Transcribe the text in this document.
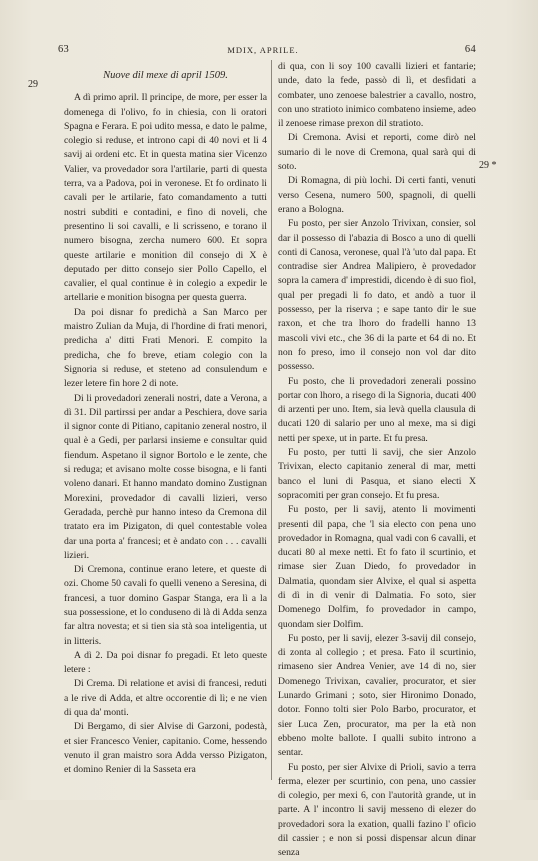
63	MDIX, APRILE.	64
29
29 *

Nuove dil mexe di april 1509.

A dì primo april. Il principe, de more, per esser la domenega di l'olivo, fo in chiesia, con li oratori Spagna e Ferara. E poi udito messa, e dato le palme, colegio si reduse, et introno capi di 40 novi et li 4 savij ai ordeni etc. Et in questa matina sier Vicenzo Valier, va provedador sora l'artilarie, parti di questa terra, va a Padova, poi in veronese. Et fo ordinato li cavali per le artilarie, fato comandamento a tutti nostri subditi e contadini, e fino di noveli, che presentino li soi cavalli, e li scrisseno, e torano il numero bisogna, zercha numero 600. Et sopra queste artilarie e monition dil consejo di X è deputado per ditto consejo sier Pollo Capello, el cavalier, el qual continue è in colegio a expedir le artellarie e monition bisogna per questa guerra.

Da poi disnar fo predichà a San Marco per maistro Zulian da Muja, di l'hordine di frati menori, predicha a' ditti Frati Menori. E compito la predicha, che fo breve, etiam colegio con la Signoria si reduse, et steteno ad consulendum e lezer letere fin hore 2 di note.

Di li provedadori zenerali nostri, date a Verona, a dì 31. Dil partirssi per andar a Peschiera, dove saria il signor conte di Pitiano, capitanio zeneral nostro, il qual è a Gedi, per parlarsi insieme e consultar quid fiendum. Aspetano il signor Bortolo e le zente, che si reduga; et avisano molte cosse bisogna, e li fanti voleno danari. Et hanno mandato domino Zustignan Morexini, provedador di cavalli lizieri, verso Geradada, perchè pur hanno inteso da Cremona dil tratato era im Pizigaton, di quel contestable volea dar una porta a' francesi; et è andato con . . . cavalli lizieri.

Di Cremona, continue erano letere, et queste di ozi. Chome 50 cavali fo quelli veneno a Seresina, di francesi, a tuor domino Gaspar Stanga, era lì a la sua possessione, et lo conduseno di là di Adda senza far altra novesta; et si tien sia stà soa inteligentia, ut in litteris.

A dì 2. Da poi disnar fo pregadi. Et leto queste letere :

Di Crema. Di relatione et avisi di francesi, reduti a le rive di Adda, et altre occorentie di lì; e ne vien di qua da' monti.

Di Bergamo, di sier Alvise di Garzoni, podestà, et sier Francesco Venier, capitanio. Come, hessendo venuto il gran maistro sora Adda versso Pizigaton, et domino Renier di la Sasseta era

di qua, con li soy 100 cavalli lizieri et fantarie; unde, dato la fede, passò di lì, et desfidati a combater, uno zenoese balestrier a cavallo, nostro, con uno stratioto inimico combateno insieme, adeo il zenoese rimase prexon dil stratioto.

Di Cremona. Avisi et reporti, come dirò nel sumario di le nove di Cremona, qual sarà qui di soto.

Di Romagna, di più lochi. Di certi fanti, venuti verso Cesena, numero 500, spagnoli, di quelli erano a Bologna.

Fu posto, per sier Anzolo Trivixan, consier, sol dar il possesso di l'abazia di Boscо a uno di quelli conti di Canosa, veronese, qual l'à 'uto dal papa. Et contradise sier Andrea Malipiero, è provedador sopra la camera d' imprestidi, dicendo è di suo fiol, qual per pregadi li fo dato, et andò a tuor il possesso, per la riserva ; e sape tanto dir le sue raxon, et che tra lhoro do fradelli hanno 13 mascoli vivi etc., che 36 di la parte et 64 di no. Et non fo preso, imo il consejo non vol dar dito possesso.

Fu posto, che li provedadori zenerali possino portar con lhoro, a risego di la Signoria, ducati 400 di arzenti per uno. Item, sia levà quella clausula di ducati 120 di salario per uno al mexe, ma si digi netti per spexe, ut in parte. Et fu presa.

Fu posto, per tutti li savij, che sier Anzolo Trivixan, electo capitanio zeneral di mar, metti banco el luni di Pasqua, et siano electi X sopracomiti per gran consejo. Et fu presa.

Fu posto, per li savij, atento li movimenti presenti dil papa, che 'l sia electo con pena uno provedador in Romagna, qual vadi con 6 cavalli, et ducati 80 al mexe netti. Et fo fato il scurtinio, et rimase sier Zuan Diedo, fo provedador in Dalmatia, quondam sier Alvixe, el qual si aspetta di dì in dì venir di Dalmatia. Fo soto, sier Domenego Dolfim, fo provedador in campo, quondam sier Dolfim.

Fu posto, per li savij, elezer 3-savij dil consejo, di zonta al collegio ; et presa. Fato il scurtinio, rimaseno sier Andrea Venier, ave 14 di no, sier Domenego Trivixan, cavalier, procurator, et sier Lunardo Grimani ; soto, sier Hironimo Donado, dotor. Fonno tolti sier Polo Barbo, procurator, et sier Luca Zen, procurator, ma per la età non ebbeno molte ballote. I qualli subito introno a sentar.

Fu posto, per sier Alvixe di Prioli, savio a terra ferma, elezer per scurtinio, con pena, uno cassier di colegio, per mexi 6, con l'autorità grande, ut in parte. A l' incontro li savij messeno di elezer do provedadori sora la exation, qualli fazino l' oficio dil cassier ; e non si possi dispensar alcun dinar senza
